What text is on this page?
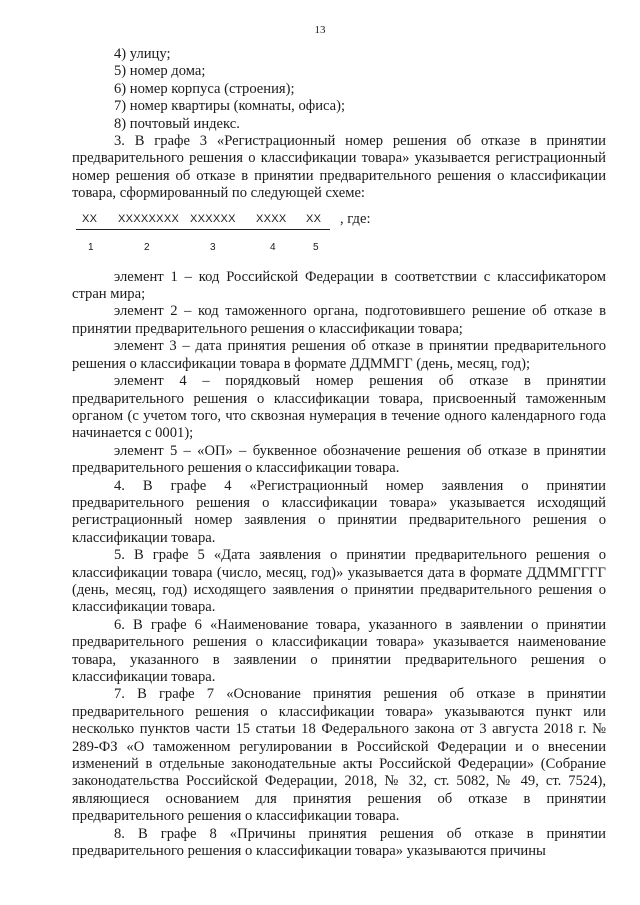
13
4) улицу;
5) номер дома;
6) номер корпуса (строения);
7) номер квартиры (комнаты, офиса);
8) почтовый индекс.

3. В графе 3 «Регистрационный номер решения об отказе в принятии предварительного решения о классификации товара» указывается регистрационный номер решения об отказе в принятии предварительного решения о классификации товара, сформированный по следующей схеме:

XX XXXXXXXX XXXXXX XXXX XX , где:
1	2	3	4	5

элемент 1 – код Российской Федерации в соответствии с классификатором стран мира;

элемент 2 – код таможенного органа, подготовившего решение об отказе в принятии предварительного решения о классификации товара;

элемент 3 – дата принятия решения об отказе в принятии предварительного решения о классификации товара в формате ДДММГГ (день, месяц, год);

элемент 4 – порядковый номер решения об отказе в принятии предварительного решения о классификации товара, присвоенный таможенным органом (с учетом того, что сквозная нумерация в течение одного календарного года начинается с 0001);

элемент 5 – «ОП» – буквенное обозначение решения об отказе в принятии предварительного решения о классификации товара.

4. В графе 4 «Регистрационный номер заявления о принятии предварительного решения о классификации товара» указывается исходящий регистрационный номер заявления о принятии предварительного решения о классификации товара.

5. В графе 5 «Дата заявления о принятии предварительного решения о классификации товара (число, месяц, год)» указывается дата в формате ДДММГГГГ (день, месяц, год) исходящего заявления о принятии предварительного решения о классификации товара.

6. В графе 6 «Наименование товара, указанного в заявлении о принятии предварительного решения о классификации товара» указывается наименование товара, указанного в заявлении о принятии предварительного решения о классификации товара.

7. В графе 7 «Основание принятия решения об отказе в принятии предварительного решения о классификации товара» указываются пункт или несколько пунктов части 15 статьи 18 Федерального закона от 3 августа 2018 г. № 289-ФЗ «О таможенном регулировании в Российской Федерации и о внесении изменений в отдельные законодательные акты Российской Федерации» (Собрание законодательства Российской Федерации, 2018, № 32, ст. 5082, № 49, ст. 7524), являющиеся основанием для принятия решения об отказе в принятии предварительного решения о классификации товара.

8. В графе 8 «Причины принятия решения об отказе в принятии предварительного решения о классификации товара» указываются причины
